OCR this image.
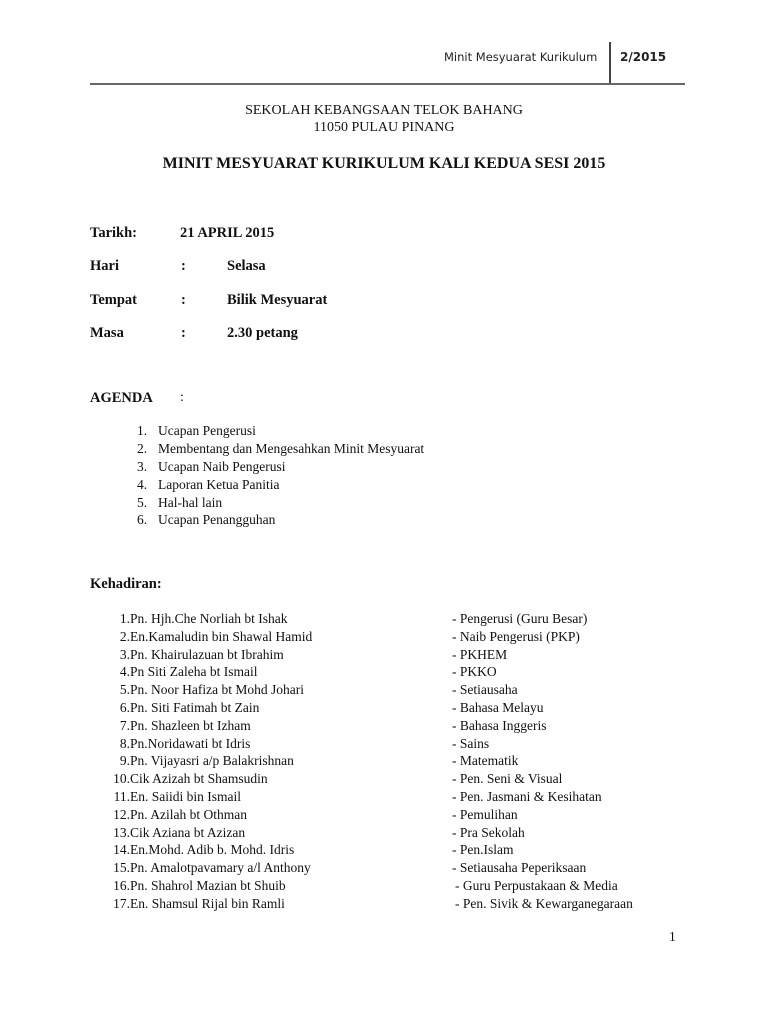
Minit Mesyuarat Kurikulum 2/2015
SEKOLAH KEBANGSAAN TELOK BAHANG
11050 PULAU PINANG
MINIT MESYUARAT KURIKULUM KALI KEDUA SESI 2015
Tarikh:	21 APRIL 2015
Hari	:	Selasa
Tempat	:	Bilik Mesyuarat
Masa	:	2.30 petang
AGENDA :
1. Ucapan Pengerusi
2. Membentang dan Mengesahkan Minit Mesyuarat
3. Ucapan Naib Pengerusi
4. Laporan Ketua Panitia
5. Hal-hal lain
6. Ucapan Penangguhan
Kehadiran:
1. Pn. Hjh.Che Norliah bt Ishak	- Pengerusi (Guru Besar)
2. En.Kamaludin bin Shawal Hamid	- Naib Pengerusi (PKP)
3. Pn. Khairulazuan bt Ibrahim	- PKHEM
4. Pn Siti Zaleha bt Ismail	- PKKO
5. Pn. Noor Hafiza bt Mohd Johari	- Setiausaha
6. Pn. Siti Fatimah bt Zain	- Bahasa Melayu
7. Pn. Shazleen bt Izham	- Bahasa Inggeris
8. Pn.Noridawati bt Idris	- Sains
9. Pn. Vijayasri a/p Balakrishnan	- Matematik
10. Cik Azizah bt Shamsudin	- Pen. Seni & Visual
11. En. Saiidi bin Ismail	- Pen. Jasmani & Kesihatan
12. Pn. Azilah bt Othman	- Pemulihan
13. Cik Aziana bt Azizan	- Pra Sekolah
14. En.Mohd. Adib b. Mohd. Idris	- Pen.Islam
15. Pn. Amalotpavamary a/l Anthony	- Setiausaha Peperiksaan
16. Pn. Shahrol Mazian bt Shuib	- Guru Perpustakaan & Media
17. En. Shamsul Rijal bin Ramli	- Pen. Sivik & Kewarganegaraan
1
